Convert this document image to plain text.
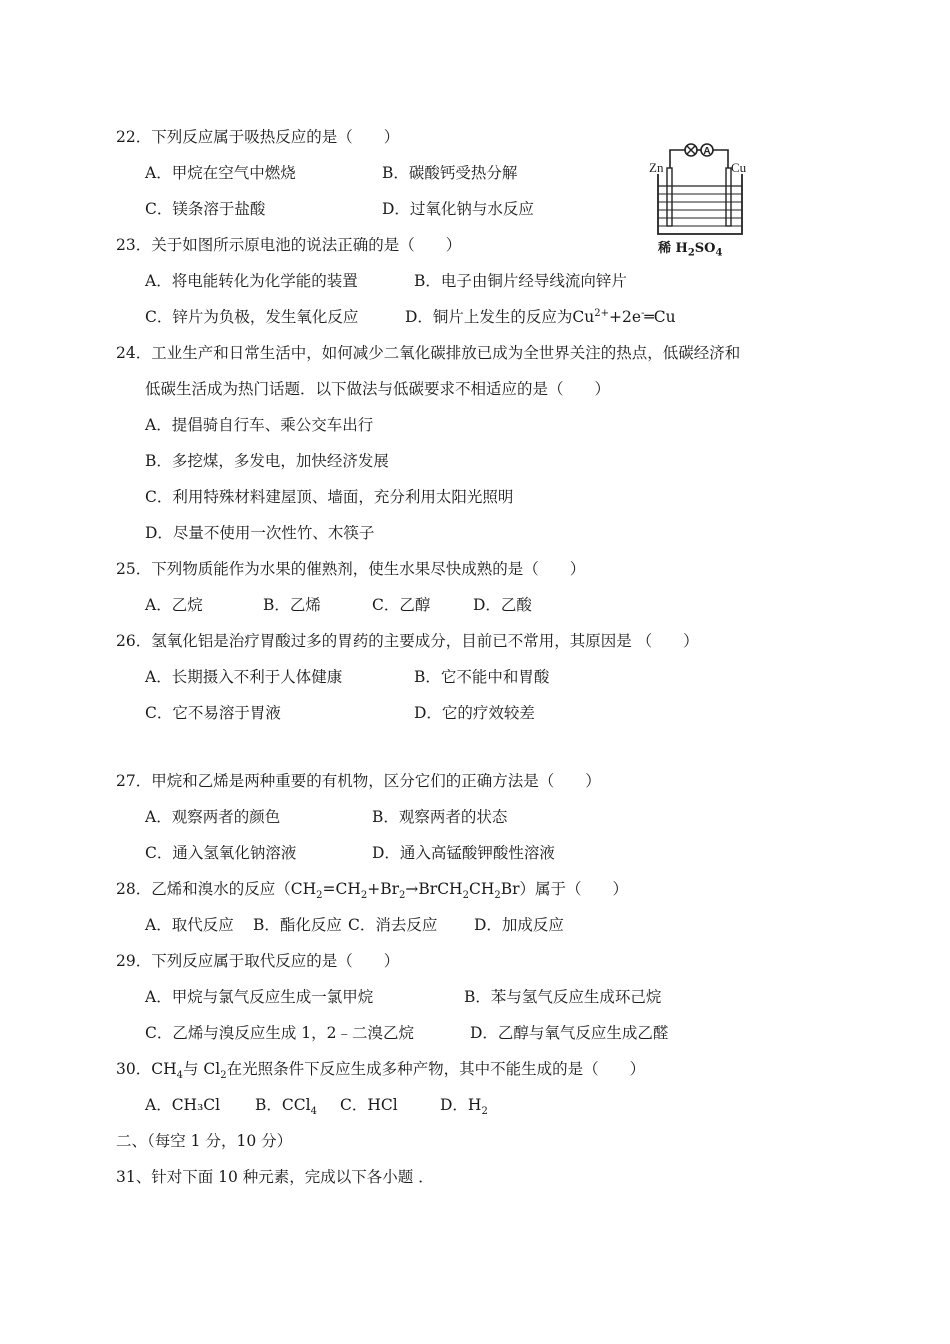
22．下列反应属于吸热反应的是（　　）
A．甲烷在空气中燃烧	B．碳酸钙受热分解
C．镁条溶于盐酸	D．过氧化钠与水反应
A
Zn	Cu
稀 $H_2SO_4$
23．关于如图所示原电池的说法正确的是（　　）
A．将电能转化为化学能的装置	B．电子由铜片经导线流向锌片
C．锌片为负极，发生氧化反应	D．铜片上发生的反应为$Cu^{2+}+2e^-═Cu$
24．工业生产和日常生活中，如何减少二氧化碳排放已成为全世界关注的热点，低碳经济和
低碳生活成为热门话题．以下做法与低碳要求不相适应的是（　　）
A．提倡骑自行车、乘公交车出行
B．多挖煤，多发电，加快经济发展
C．利用特殊材料建屋顶、墙面，充分利用太阳光照明
D．尽量不使用一次性竹、木筷子
25．下列物质能作为水果的催熟剂，使生水果尽快成熟的是（　　）
A．乙烷	B．乙烯	C．乙醇	D．乙酸
26．氢氧化铝是治疗胃酸过多的胃药的主要成分，目前已不常用，其原因是 （　　）
A．长期摄入不利于人体健康	B．它不能中和胃酸
C．它不易溶于胃液	D．它的疗效较差
27．甲烷和乙烯是两种重要的有机物，区分它们的正确方法是（　　）
A．观察两者的颜色	B．观察两者的状态
C．通入氢氧化钠溶液	D．通入高锰酸钾酸性溶液
28．乙烯和溴水的反应$(CH_2=CH_2+Br_2\to BrCH_2CH_2Br)$属于（　　）
A．取代反应 B．酯化反应 C．消去反应 D．加成反应
29．下列反应属于取代反应的是（　　）
A．甲烷与氯气反应生成一氯甲烷	B．苯与氢气反应生成环己烷
C．乙烯与溴反应生成 1，2﹣二溴乙烷	D．乙醇与氧气反应生成乙醛
30．$CH_4$与 $Cl_2$在光照条件下反应生成多种产物，其中不能生成的是（　　）
A．CH₃Cl B．CCl$_4$ C．HCl	D．$H_2$
二、（每空 1 分，10 分）
31、针对下面 10 种元素，完成以下各小题 ．
